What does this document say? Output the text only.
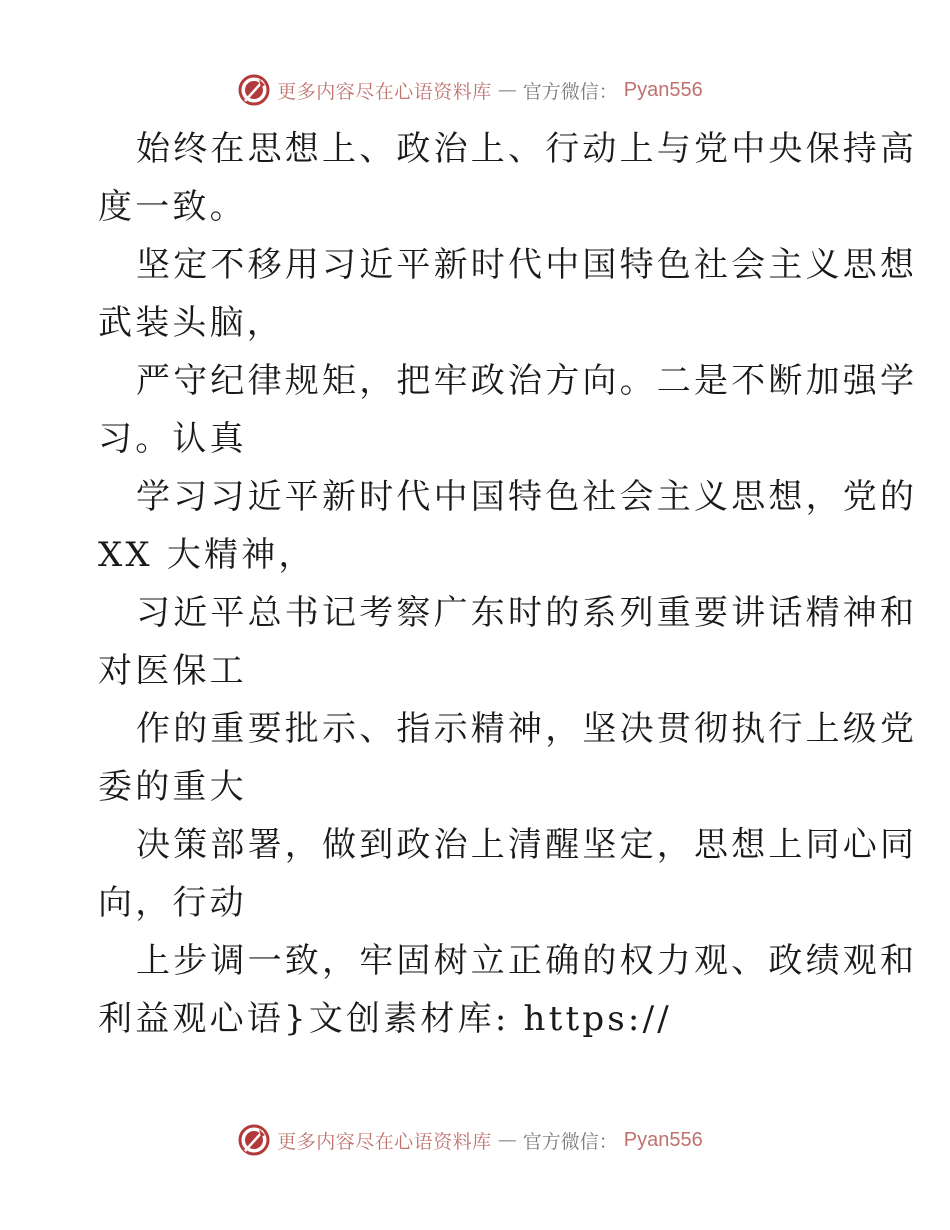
更多内容尽在心语资料库 — 官方微信： Pyan556

始终在思想上、政治上、行动上与党中央保持高
度一致。

坚定不移用习近平新时代中国特色社会主义思想
武装头脑，

严守纪律规矩，把牢政治方向。二是不断加强学
习。认真

学习习近平新时代中国特色社会主义思想，党的
XX 大精神，

习近平总书记考察广东时的系列重要讲话精神和
对医保工

作的重要批示、指示精神，坚决贯彻执行上级党
委的重大

决策部署，做到政治上清醒坚定，思想上同心同
向，行动

上步调一致，牢固树立正确的权力观、政绩观和
利益观心语}文创素材库: https://

更多内容尽在心语资料库 — 官方微信： Pyan556
